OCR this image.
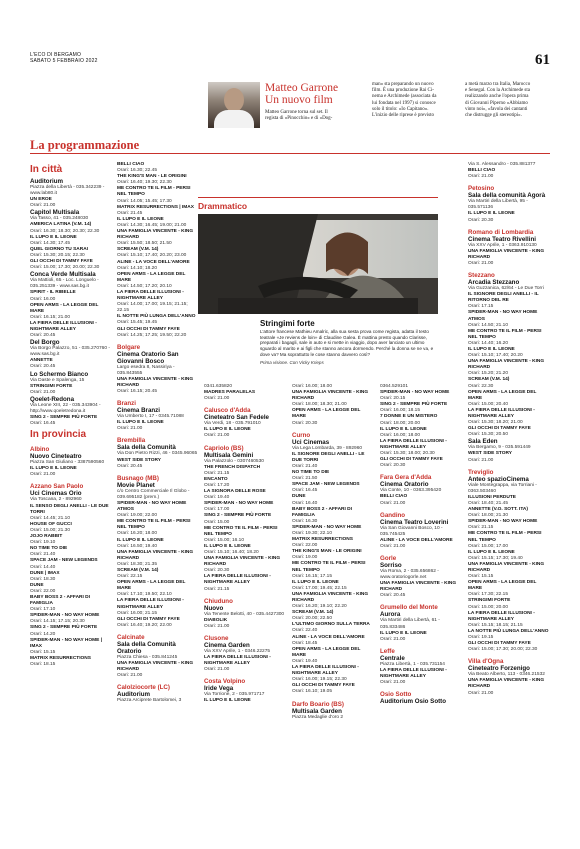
L'ECO DI BERGAMO
SABATO 5 FEBBRAIO 2022	61
Matteo Garrone
Un nuovo film
Matteo Garrone torna sul set. Il
regista di «Pinocchio» e di «Dog-
man» sta preparando un nuovo
film. È una produzione Rai Ci-
nema e Archimede (associata da
lui fondata nel 1997) si conosce
solo il titolo: «Io Capitano».
L'inizio delle riprese è previsto
a metà marzo tra Italia, Marocco
e Senegal. Con la Archimede sta
realizzando anche l'opera prima
di Giovanni Piperno «Abbiamo
vinto noi», «favola dei cantanti
che distrugge gli stereotipi».
La programmazione
In città
Auditorium
Piazza della Libertà - 035.342239 - www.lab80.it
UN EROE
Orari: 21.00
Capitol Multisala
Via Tasso, 41 - 035.248030
AMERICA LATINA (V.M. 14)
Orari: 16.30; 18.30; 20.30; 22.30
IL LUPO E IL LEONE
Orari: 14.30; 17.45
QUEL GIORNO TU SARAI
Orari: 15.30; 20.15; 22.30
GLI OCCHI DI TAMMY FAYE
Orari: 15.00; 17.30; 20.00; 22.30
Conca Verde Multisala
Via Mattioli, 65 - Loc. Longuelo - 035.251339 - www.sas.bg.it
SPIRIT - IL RIBELLE
Orari: 16.00
OPEN ARMS - LA LEGGE DEL MARE
Orari: 16.15; 21.00
LA FIERA DELLE ILLUSIONI - NIGHTMARE ALLEY
Orari: 20.45
Del Borgo
Via Borgo Palazzo, 51 - 035.270760 - www.sas.bg.it
ANNETTE
Orari: 20.45
Lo Schermo Bianco
Via Daste e Spalenga, 15
STRINGIMI FORTE
Orari: 21.00
Qoelet-Redona
Via Leone XIII, 22 - 035.343904 - http://www.qoeletredona.it
SING 2 - SEMPRE PIÙ FORTE
Orari: 16.45
In provincia
Albino
Nuovo Cineteatro
Piazza San Giuliano - 3387590560
IL LUPO E IL LEONE
Orari: 21.00
Azzano San Paolo
Uci Cinemas Orio
Via Toscana, 2 - 892960
IL SENSO DEGLI ANELLI - LE DUE TORRI
Orari: 14.45; 21.10
HOUSE OF GUCCI
Orari: 15.00; 21.30
JOJO RABBIT
Orari: 19.10
NO TIME TO DIE
Orari: 21.40
SPACE JAM - NEW LEGENDS
Orari: 14.40
DUNE | IMAX
Orari: 18.30
DUNE
Orari: 22.00
BABY BOSS 2 - AFFARI DI FAMIGLIA
Orari: 17.10
SPIDER-MAN - NO WAY HOME
Orari: 14.15; 17.15; 20.30
SING 2 - SEMPRE PIÙ FORTE
Orari: 14.20
SPIDER-MAN - NO WAY HOME | IMAX
Orari: 15.15
MATRIX RESURRECTIONS
Orari: 18.15
BELLI CIAO
Orari: 16.30; 22.45
THE KING'S MAN - LE ORIGINI
Orari: 16.40; 19.30; 22.30
ME CONTRO TE IL FILM - PERSI NEL TEMPO
Orari: 14.05; 15.45; 17.30
MATRIX RESURRECTIONS | IMAX
Orari: 21.45
IL LUPO E IL LEONE
Orari: 14.30; 16.45; 19.00; 21.00
UNA FAMIGLIA VINCENTE - KING RICHARD
Orari: 15.50; 18.50; 21.50
SCREAM (V.M. 14)
Orari: 15.10; 17.40; 20.20; 23.00
ALINE - LA VOCE DELL'AMORE
Orari: 14.10; 18.20
OPEN ARMS - LA LEGGE DEL MARE
Orari: 14.50; 17.20; 20.10
LA FIERA DELLE ILLUSIONI - NIGHTMARE ALLEY
Orari: 14.00; 17.00; 19.15; 21.15; 22.15
IL NOTTE PIÙ LUNGA DELL'ANNO
Orari: 15.45; 19.45
GLI OCCHI DI TAMMY FAYE
Orari: 14.25; 17.25; 19.50; 22.20
Bolgare
Cinema Oratorio San Giovanni Bosco
Largo esedra 8, Nassiriya - 035.843555
UNA FAMIGLIA VINCENTE - KING RICHARD
Orari: 16.15; 20.45
Branzi
Cinema Branzi
Via Umberto I, 17 - 0345.71088
IL LUPO E IL LEONE
Orari: 21.00
Brembilla
Sala della Comunità
Via Don Pietro Rizzi, 46 - 0345.96065
WEST SIDE STORY
Orari: 20.45
Busnago (MB)
Movie Planet
c/o Centro Commerciale Il Globo - 039.695182 (prem.)
SPIDER-MAN - NO WAY HOME ATMOS
Orari: 19.00; 22.00
ME CONTRO TE IL FILM - PERSI NEL TEMPO
Orari: 16.20; 18.00
IL LUPO E IL LEONE
Orari: 16.50; 19.40
UNA FAMIGLIA VINCENTE - KING RICHARD
Orari: 18.30; 21.35
SCREAM (V.M. 14)
Orari: 22.15
OPEN ARMS - LA LEGGE DEL MARE
Orari: 17.10; 19.50; 22.10
LA FIERA DELLE ILLUSIONI - NIGHTMARE ALLEY
Orari: 16.00; 21.15
GLI OCCHI DI TAMMY FAYE
Orari: 16.40; 19.20; 22.00
Calcinate
Sala della Comunità Oratorio
Piazza Chiesa - 035.841245
UNA FAMIGLIA VINCENTE - KING RICHARD
Orari: 21.00
Calolziocorte (LC)
Auditorium
Piazza Arciprete Bartolomei, 3
0341.635820
MADRES PARALELAS
Orari: 21.00
Calusco d'Adda
Cineteatro San Fedele
Via Verdi, 18 - 035.791010
IL LUPO E IL LEONE
Orari: 21.00
Capriolo (BS)
Multisala Gemini
Via Palazzolo - 0307460530
THE FRENCH DISPATCH
Orari: 21.15
ENCANTO
Orari: 17.20
LA SIGNORA DELLE ROSE
Orari: 19.40
SPIDER-MAN - NO WAY HOME
Orari: 17.00
SING 2 - SEMPRE PIÙ FORTE
Orari: 15.00
ME CONTRO TE IL FILM - PERSI NEL TEMPO
Orari: 15.00; 16.10
IL LUPO E IL LEONE
Orari: 15.10; 16.40; 18.20
UNA FAMIGLIA VINCENTE - KING RICHARD
Orari: 20.30
LA FIERA DELLE ILLUSIONI - NIGHTMARE ALLEY
Orari: 21.15
Chiuduno
Nuovo
Via Tenente Belotti, 40 - 035.4427300
DIABOLIK
Orari: 21.00
Clusone
Cinema Garden
Via XXV Aprile, 1 - 0346.22275
LA FIERA DELLE ILLUSIONI - NIGHTMARE ALLEY
Orari: 21.00
Costa Volpino
Iride Vega
Via Torrione, 2 - 035.971717
IL LUPO E IL LEONE
Orari: 16.00; 18.00
UNA FAMIGLIA VINCENTE - KING RICHARD
Orari: 18.00; 18.30; 21.00
OPEN ARMS - LA LEGGE DEL MARE
Orari: 20.30
Curno
Uci Cinemas
Via Lega Lombarda, 39 - 892960
IL SIGNORE DEGLI ANELLI - LE DUE TORRI
Orari: 21.40
NO TIME TO DIE
Orari: 21.50
SPACE JAM - NEW LEGENDS
Orari: 16.45
DUNE
Orari: 16.40
BABY BOSS 2 - AFFARI DI FAMIGLIA
Orari: 16.30
SPIDER-MAN - NO WAY HOME
Orari: 19.30; 22.10
MATRIX RESURRECTIONS
Orari: 22.00
THE KING'S MAN - LE ORIGINI
Orari: 19.00
ME CONTRO TE IL FILM - PERSI NEL TEMPO
Orari: 16.15; 17.15
IL LUPO E IL LEONE
Orari: 17.00; 19.45; 22.15
UNA FAMIGLIA VINCENTE - KING RICHARD
Orari: 16.20; 19.10; 22.20
SCREAM (V.M. 14)
Orari: 20.00; 22.50
L'ULTIMO GIORNO SULLA TERRA
Orari: 22.40
ALINE - LA VOCE DELL'AMORE
Orari: 18.45
OPEN ARMS - LA LEGGE DEL MARE
Orari: 19.40
LA FIERA DELLE ILLUSIONI - NIGHTMARE ALLEY
Orari: 16.00; 19.15; 22.30
GLI OCCHI DI TAMMY FAYE
Orari: 16.10; 19.05
Darfo Boario (BS)
Multisala Garden
Piazza Medaglie d'oro 2
0364.529101
SPIDER-MAN - NO WAY HOME
Orari: 20.15
SING 2 - SEMPRE PIÙ FORTE
Orari: 16.00; 18.15
7 DONNE E UN MISTERO
Orari: 18.00; 20.00
IL LUPO E IL LEONE
Orari: 16.00; 18.00
LA FIERA DELLE ILLUSIONI - NIGHTMARE ALLEY
Orari: 15.30; 18.00; 20.30
GLI OCCHI DI TAMMY FAYE
Orari: 20.30
Fara Gera d'Adda
Cinema Oratorio
Via Conte, 10 - 0363.395420
BELLI CIAO
Orari: 21.00
Gandino
Cinema Teatro Loverini
Via San Giovanni Bosco, 10 - 035.745425
ALINE - LA VOCE DELL'AMORE
Orari: 21.00
Gorle
Sorriso
Via Roma, 2 - 035.656862 - www.oratoriogorle.net
UNA FAMIGLIA VINCENTE - KING RICHARD
Orari: 20.45
Grumello del Monte
Aurora
Via Martiri della Libertà, 61 - 035.833486
IL LUPO E IL LEONE
Orari: 21.00
Leffe
Centrale
Piazza Libertà, 1 - 035.731154
LA FIERA DELLE ILLUSIONI - NIGHTMARE ALLEY
Orari: 21.00
Osio Sotto
Auditorium Osio Sotto
Via S. Alessandro - 035.881377
BELLI CIAO
Orari: 21.00
Petosino
Sala della comunità Agorà
Via Martiri della Libertà, 95 - 035.571136
IL LUPO E IL LEONE
Orari: 20.30
Romano di Lombardia
Cinema Teatro Rivellini
Via XXV Aprile, 1 - 0363.910130
UNA FAMIGLIA VINCENTE - KING RICHARD
Orari: 21.00
Stezzano
Arcadia Stezzano
Via Guzzanica, 62/64 - Le Due Torri
IL SIGNORE DEGLI ANELLI - IL RITORNO DEL RE
Orari: 17.15
SPIDER-MAN - NO WAY HOME ATMOS
Orari: 14.50; 21.10
ME CONTRO TE IL FILM - PERSI NEL TEMPO
Orari: 14.40; 16.20
IL LUPO E IL LEONE
Orari: 15.10; 17.40; 20.20
UNA FAMIGLIA VINCENTE - KING RICHARD
Orari: 15.20; 21.20
SCREAM (V.M. 14)
Orari: 22.30
OPEN ARMS - LA LEGGE DEL MARE
Orari: 15.00; 20.40
LA FIERA DELLE ILLUSIONI - NIGHTMARE ALLEY
Orari: 15.30; 18.20; 21.00
GLI OCCHI DI TAMMY FAYE
Orari: 15.30; 20.50
Sala Eden
Via Bergamo, 9 - 035.591449
WEST SIDE STORY
Orari: 21.00
Treviglio
Anteo spazioCinema
Viale Montegrappa, via Torriani - 0363.503460
ILLUSIONI PERDUTE
Orari: 18.40; 21.45
ANNETTE (V.O. SOTT. ITA)
Orari: 18.00; 21.30
SPIDER-MAN - NO WAY HOME
Orari: 21.15
ME CONTRO TE IL FILM - PERSI NEL TEMPO
Orari: 15.00; 17.00
IL LUPO E IL LEONE
Orari: 15.15; 17.30; 19.40
UNA FAMIGLIA VINCENTE - KING RICHARD
Orari: 15.15
OPEN ARMS - LA LEGGE DEL MARE
Orari: 17.30; 22.15
STRINGIMI FORTE
Orari: 15.00; 20.00
LA FIERA DELLE ILLUSIONI - NIGHTMARE ALLEY
Orari: 15.15; 18.15; 21.15
LA NOTTE PIÙ LUNGA DELL'ANNO
Orari: 19.15
GLI OCCHI DI TAMMY FAYE
Orari: 15.00; 17.30; 20.00; 22.30
Villa d'Ogna
Cineteatro Forzenigo
Via Beato Alberto, 113 - 0346.21532
UNA FAMIGLIA VINCENTE - KING RICHARD
Orari: 21.00
Drammatico
Stringimi forte
L'attore francese Mathieu Amalric, alla sua sesta prova come regista, adatta il testo teatrale «Je reviens de loin» di Claudine Galea. È mattina presto quando Clarisse, preparati i bagagli, sale in auto e si mette in viaggio, dopo aver lanciato un ultimo sguardo al marito e ai figli che stanno ancora dormendo. Perché la donna se ne va, e dove va? Ma soprattutto le cose stanno davvero così?
Prima visione. Con Vicky Krieps
